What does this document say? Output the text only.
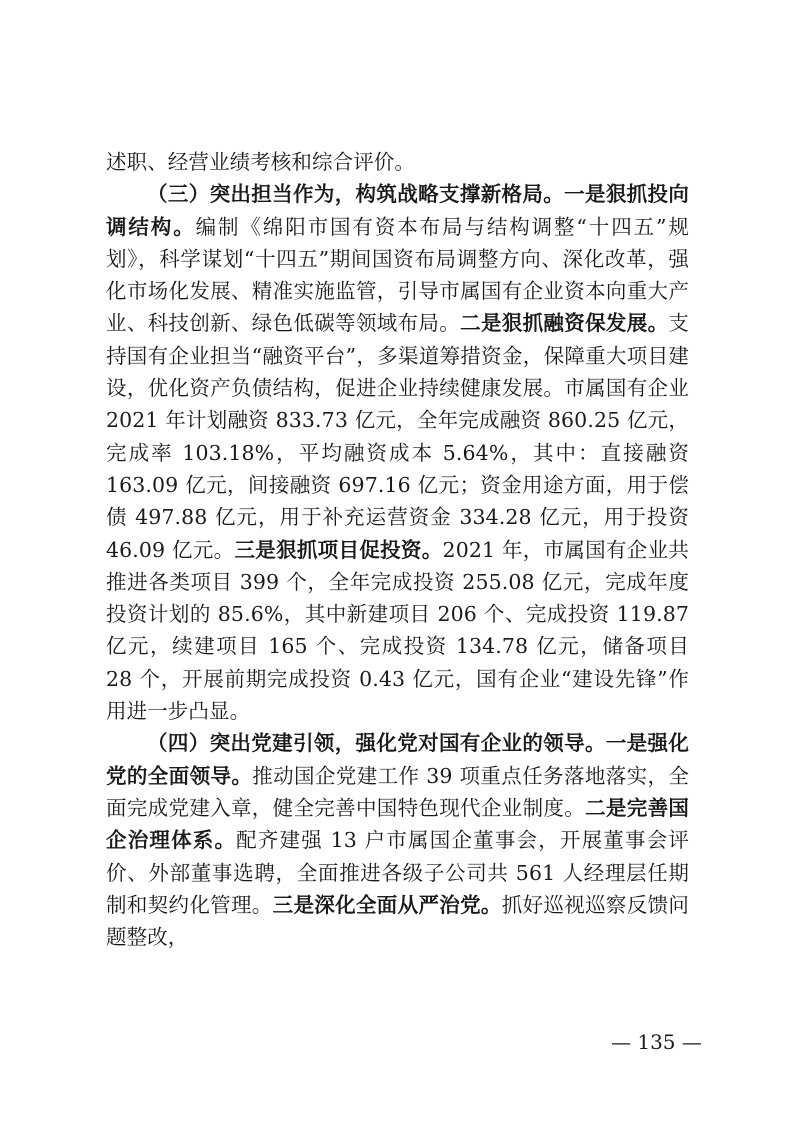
述职、经营业绩考核和综合评价。

（三）突出担当作为，构筑战略支撑新格局。一是狠抓投向调结构。编制《绵阳市国有资本布局与结构调整“十四五”规划》，科学谋划“十四五”期间国资布局调整方向、深化改革，强化市场化发展、精准实施监管，引导市属国有企业资本向重大产业、科技创新、绿色低碳等领域布局。二是狠抓融资保发展。支持国有企业担当“融资平台”，多渠道筹措资金，保障重大项目建设，优化资产负债结构，促进企业持续健康发展。市属国有企业 2021 年计划融资 833.73 亿元，全年完成融资 860.25 亿元，完成率 103.18%，平均融资成本 5.64%，其中：直接融资 163.09 亿元，间接融资 697.16 亿元；资金用途方面，用于偿债 497.88 亿元，用于补充运营资金 334.28 亿元，用于投资 46.09 亿元。三是狠抓项目促投资。2021 年，市属国有企业共推进各类项目 399 个，全年完成投资 255.08 亿元，完成年度投资计划的 85.6%，其中新建项目 206 个、完成投资 119.87 亿元，续建项目 165 个、完成投资 134.78 亿元，储备项目 28 个，开展前期完成投资 0.43 亿元，国有企业“建设先锋”作用进一步凸显。

（四）突出党建引领，强化党对国有企业的领导。一是强化党的全面领导。推动国企党建工作 39 项重点任务落地落实，全面完成党建入章，健全完善中国特色现代企业制度。二是完善国企治理体系。配齐建强 13 户市属国企董事会，开展董事会评价、外部董事选聘，全面推进各级子公司共 561 人经理层任期制和契约化管理。三是深化全面从严治党。抓好巡视巡察反馈问题整改，

— 135 —
